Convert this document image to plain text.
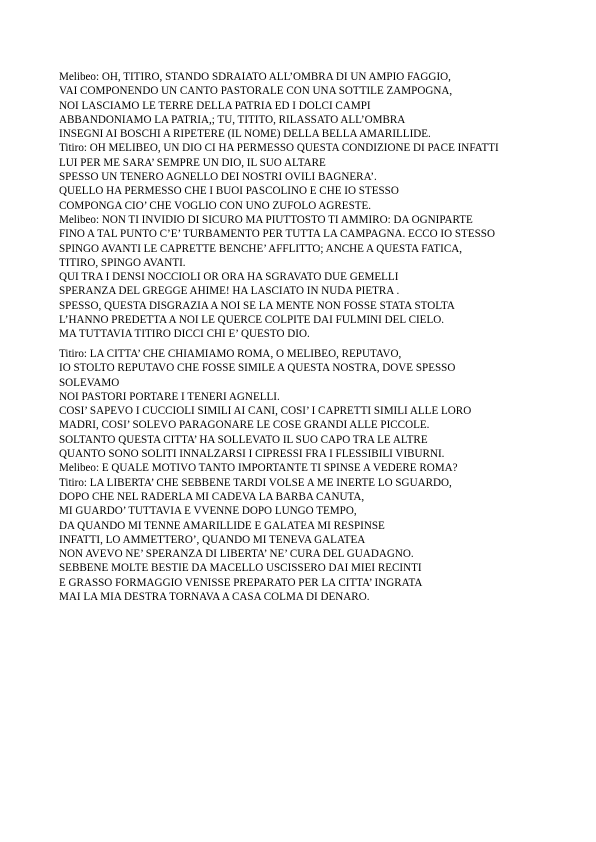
Melibeo: OH, TITIRO, STANDO SDRAIATO ALL’OMBRA DI UN AMPIO FAGGIO,
VAI COMPONENDO UN CANTO PASTORALE CON UNA SOTTILE ZAMPOGNA,
NOI LASCIAMO LE TERRE DELLA PATRIA ED I DOLCI CAMPI
ABBANDONIAMO LA PATRIA,; TU, TITITO, RILASSATO ALL’OMBRA
INSEGNI AI BOSCHI A RIPETERE (IL NOME) DELLA BELLA AMARILLIDE.
Titiro: OH MELIBEO, UN DIO CI HA PERMESSO QUESTA CONDIZIONE DI PACE INFATTI
LUI PER ME SARA’ SEMPRE UN DIO, IL SUO ALTARE
SPESSO UN TENERO AGNELLO DEI NOSTRI OVILI BAGNERA’.
QUELLO HA PERMESSO CHE I BUOI PASCOLINO E CHE IO STESSO
COMPONGA CIO’ CHE VOGLIO CON UNO ZUFOLO AGRESTE.
Melibeo: NON TI INVIDIO DI SICURO MA PIUTTOSTO TI AMMIRO: DA OGNIPARTE
FINO A TAL PUNTO C’E’ TURBAMENTO PER TUTTA LA CAMPAGNA. ECCO IO STESSO
SPINGO AVANTI LE CAPRETTE BENCHE’ AFFLITTO; ANCHE A QUESTA FATICA,
TITIRO, SPINGO AVANTI.
QUI TRA I DENSI NOCCIOLI OR ORA HA SGRAVATO DUE GEMELLI
SPERANZA DEL GREGGE AHIME! HA LASCIATO IN NUDA PIETRA .
SPESSO, QUESTA DISGRAZIA A NOI SE LA MENTE NON FOSSE STATA STOLTA
L’HANNO PREDETTA A NOI LE QUERCE COLPITE DAI FULMINI DEL CIELO.
MA TUTTAVIA TITIRO DICCI CHI E’ QUESTO DIO.
Titiro: LA CITTA’ CHE CHIAMIAMO ROMA, O MELIBEO, REPUTAVO,
IO STOLTO REPUTAVO CHE FOSSE SIMILE A QUESTA NOSTRA, DOVE SPESSO
SOLEVAMO
NOI PASTORI PORTARE I TENERI AGNELLI.
COSI’ SAPEVO I CUCCIOLI SIMILI AI CANI, COSI’ I CAPRETTI SIMILI ALLE LORO
MADRI, COSI’ SOLEVO PARAGONARE LE COSE GRANDI ALLE PICCOLE.
SOLTANTO QUESTA CITTA’ HA SOLLEVATO IL SUO CAPO TRA LE ALTRE
QUANTO SONO SOLITI INNALZARSI I CIPRESSI FRA I FLESSIBILI VIBURNI.
Melibeo: E QUALE MOTIVO TANTO IMPORTANTE TI SPINSE A VEDERE ROMA?
Titiro: LA LIBERTA’ CHE SEBBENE TARDI VOLSE A ME INERTE LO SGUARDO,
DOPO CHE NEL RADERLA MI CADEVA LA BARBA CANUTA,
MI GUARDO’ TUTTAVIA E VVENNE DOPO LUNGO TEMPO,
DA QUANDO MI TENNE AMARILLIDE E GALATEA MI RESPINSE
INFATTI, LO AMMETTERO’, QUANDO MI TENEVA GALATEA
NON AVEVO NE’ SPERANZA DI LIBERTA’ NE’ CURA DEL GUADAGNO.
SEBBENE MOLTE BESTIE DA MACELLO USCISSERO DAI MIEI RECINTI
E GRASSO FORMAGGIO VENISSE PREPARATO PER LA CITTA’ INGRATA
MAI LA MIA DESTRA TORNAVA A CASA COLMA DI DENARO.
